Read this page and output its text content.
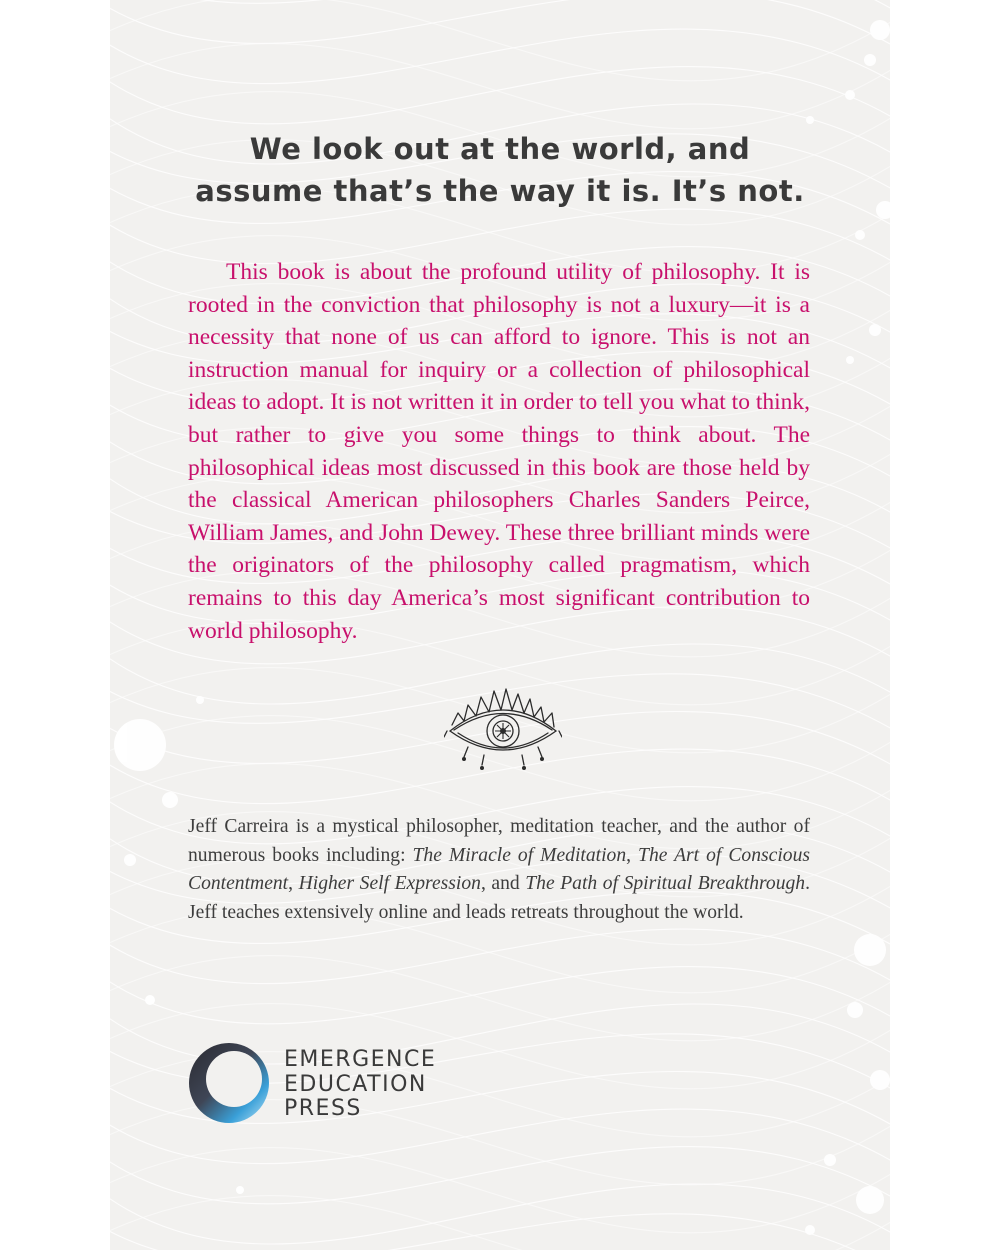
We look out at the world, and
assume that’s the way it is. It’s not.

This book is about the profound utility of philosophy. It is rooted in the conviction that philosophy is not a luxury—it is a necessity that none of us can afford to ignore. This is not an instruction manual for inquiry or a collection of philosophical ideas to adopt. It is not written it in order to tell you what to think, but rather to give you some things to think about. The philosophical ideas most discussed in this book are those held by the classical American philosophers Charles Sanders Peirce, William James, and John Dewey. These three brilliant minds were the originators of the philosophy called pragmatism, which remains to this day America’s most significant contribution to world philosophy.

Jeff Carreira is a mystical philosopher, meditation teacher, and the author of numerous books including: The Miracle of Meditation, The Art of Conscious Contentment, Higher Self Expression, and The Path of Spiritual Breakthrough. Jeff teaches extensively online and leads retreats throughout the world.

EMERGENCE
EDUCATION
PRESS
